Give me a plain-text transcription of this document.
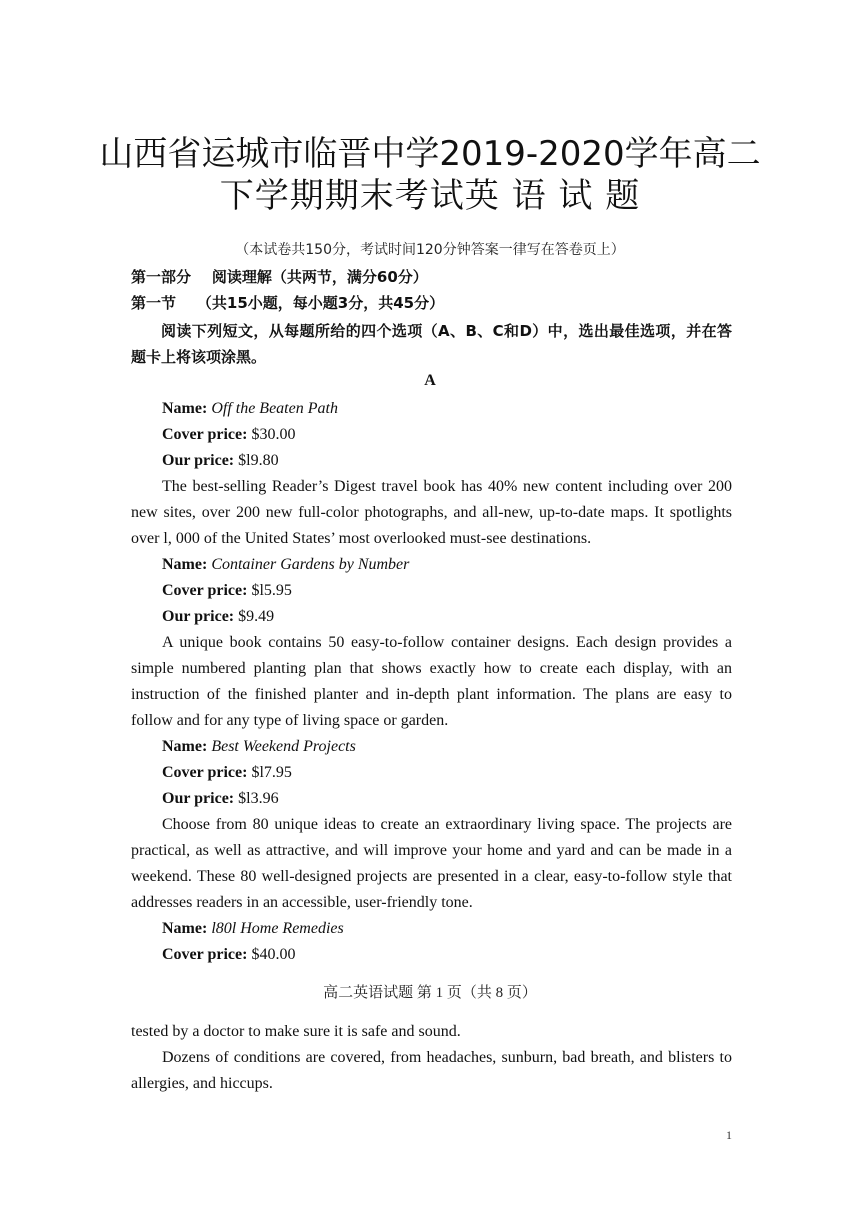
山西省运城市临晋中学2019-2020学年高二
下学期期末考试英 语 试 题
（本试卷共150分，考试时间120分钟答案一律写在答卷页上）
第一部分    阅读理解（共两节，满分60分）
第一节    （共15小题，每小题3分，共45分）
阅读下列短文，从每题所给的四个选项（A、B、C和D）中，选出最佳选项，并在答题卡上将该项涂黑。
A
Name: Off the Beaten Path
Cover price: $30.00
Our price: $l9.80
The best-selling Reader’s Digest travel book has 40% new content including over 200 new sites, over 200 new full-color photographs, and all-new, up-to-date maps. It spotlights over l, 000 of the United States’ most overlooked must-see destinations.
Name: Container Gardens by Number
Cover price: $l5.95
Our price: $9.49
A unique book contains 50 easy-to-follow container designs. Each design provides a simple numbered planting plan that shows exactly how to create each display, with an instruction of the finished planter and in-depth plant information. The plans are easy to follow and for any type of living space or garden.
Name: Best Weekend Projects
Cover price: $l7.95
Our price: $l3.96
Choose from 80 unique ideas to create an extraordinary living space. The projects are practical, as well as attractive, and will improve your home and yard and can be made in a weekend. These 80 well-designed projects are presented in a clear, easy-to-follow style that addresses readers in an accessible, user-friendly tone.
Name: l80l Home Remedies
Cover price: $40.00
高二英语试题 第 1 页（共 8 页）
tested by a doctor to make sure it is safe and sound.
Dozens of conditions are covered, from headaches, sunburn, bad breath, and blisters to allergies, and hiccups.
1
